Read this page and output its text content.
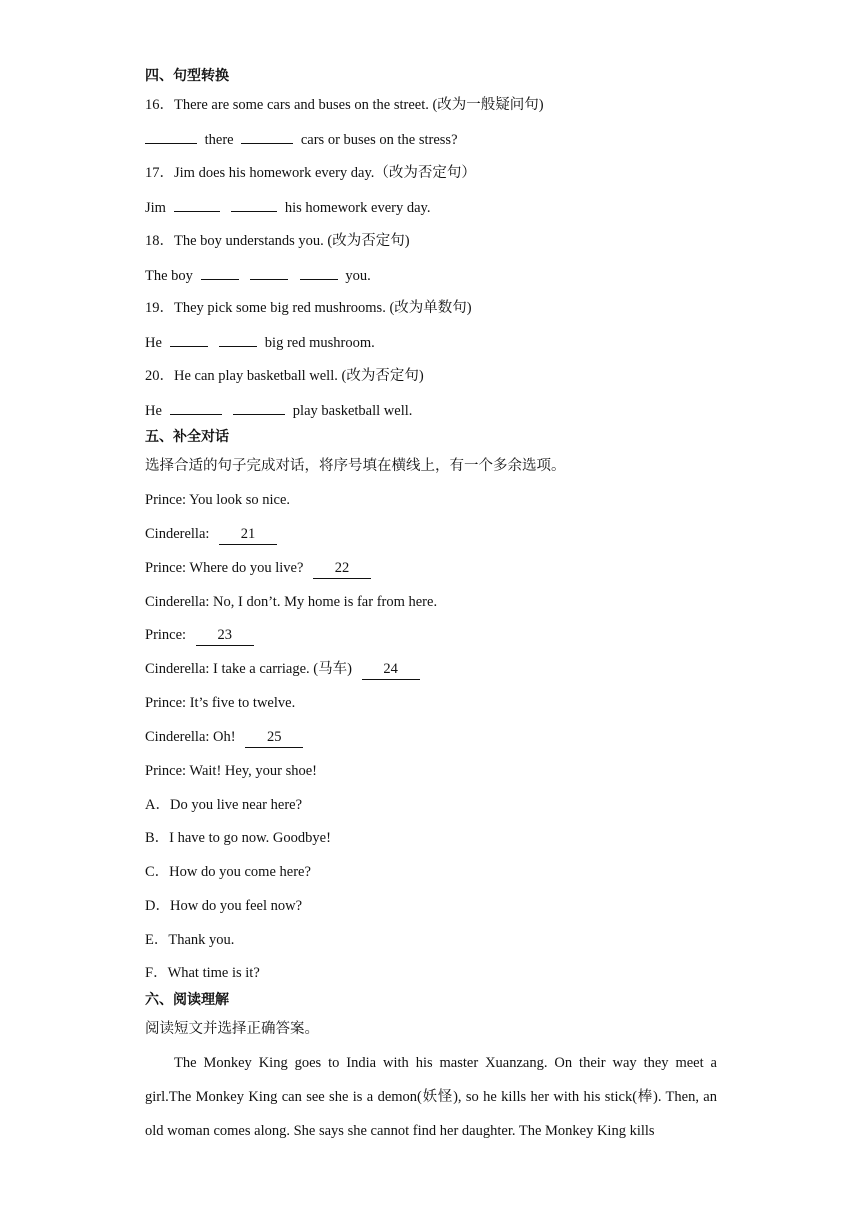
四、句型转换
16．There are some cars and buses on the street. (改为一般疑问句)
there	cars or buses on the stress?
17．Jim does his homework every day.（改为否定句）
Jim	his homework every day.
18．The boy understands you. (改为否定句)
The boy	you.
19．They pick some big red mushrooms. (改为单数句)
He	big red mushroom.
20．He can play basketball well. (改为否定句)
He	play basketball well.
五、补全对话
选择合适的句子完成对话，将序号填在横线上，有一个多余选项。
Prince: You look so nice.
Cinderella: 21
Prince: Where do you live? 22
Cinderella: No, I don’t. My home is far from here.
Prince: 23
Cinderella: I take a carriage. (马车) 24
Prince: It’s five to twelve.
Cinderella: Oh! 25
Prince: Wait! Hey, your shoe!
A．Do you live near here?
B．I have to go now. Goodbye!
C．How do you come here?
D．How do you feel now?
E．Thank you.
F．What time is it?
六、阅读理解
阅读短文并选择正确答案。
The Monkey King goes to India with his master Xuanzang. On their way they meet a girl.The Monkey King can see she is a demon(妖怪), so he kills her with his stick(棒). Then, an old woman comes along. She says she cannot find her daughter. The Monkey King kills
